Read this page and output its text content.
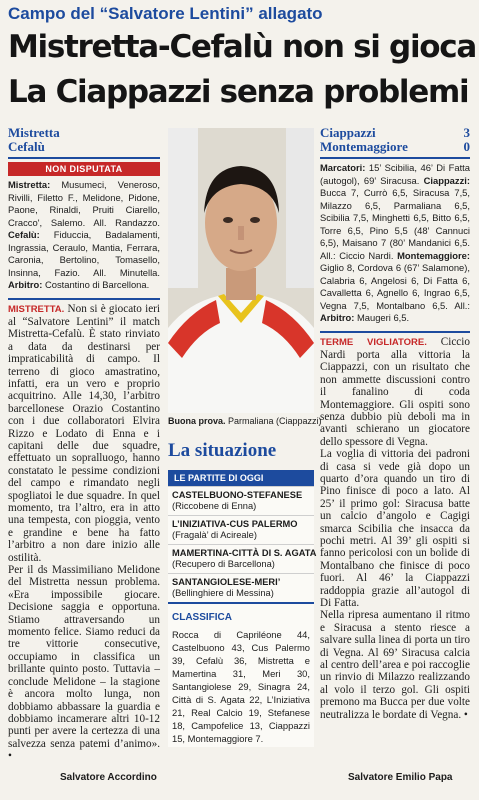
Campo del “Salvatore Lentini” allagato
Mistretta-Cefalù non si gioca
La Ciappazzi senza problemi
Mistretta
Cefalù
NON DISPUTATA
Mistretta: Musumeci, Veneroso, Rivilli, Filetto F., Melidone, Pidone, Paone, Rinaldi, Pruiti Ciarello, Cracco', Salemo. All. Randazzo. Cefalù: Fiduccia, Badalamenti, Ingrassia, Ceraulo, Mantia, Ferrara, Caronia, Bertolino, Tomasello, Insinna, Fazio. All. Minutella. Arbitro: Costantino di Barcellona.
MISTRETTA. Non si è giocato ieri al “Salvatore Lentini” il match Mistretta-Cefalù. È stato rinviato a data da destinarsi per impraticabilità di campo. Il terreno di gioco amastratino, infatti, era un vero e proprio acquitrino. Alle 14,30, l’arbitro barcellonese Orazio Costantino con i due collaboratori Elvira Rizzo e Lodato di Enna e i capitani delle due squadre, effettuato un sopralluogo, hanno constatato le pessime condizioni del campo e rimandato negli spogliatoi le due squadre. In quel momento, tra l’altro, era in atto una tempesta, con pioggia, vento e grandine e bene ha fatto l’arbitro a non dare inizio alle ostilità.
Per il ds Massimiliano Melidone del Mistretta nessun problema. «Era impossibile giocare. Decisione saggia e opportuna. Stiamo attraversando un momento felice. Siamo reduci da tre vittorie consecutive, occupiamo in classifica un brillante quinto posto. Tuttavia – conclude Melidone – la stagione è ancora molto lunga, non dobbiamo abbassare la guardia e dobbiamo incamerare altri 10-12 punti per avere la certezza di una salvezza senza patemi d’animo». •
Salvatore Accordino
Buona prova. Parmaliana (Ciappazzi)
La situazione
LE PARTITE DI OGGI
CASTELBUONO-STEFANESE
(Riccobene di Enna)
L’INIZIATIVA-CUS PALERMO
(Fragalà’ di Acireale)
MAMERTINA-CITTÀ DI S. AGATA
(Recupero di Barcellona)
SANTANGIOLESE-MERI’
(Bellinghiere di Messina)
CLASSIFICA
Rocca di Capriléone 44, Castelbuono 43, Cus Palermo 39, Cefalù 36, Mistretta e Mamertina 31, Meri 30, Santangiolese 29, Sinagra 24, Città di S. Agata 22, L’Iniziativa 21, Real Calcio 19, Stefanese 18, Campofelice 13, Ciappazzi 15, Montemaggiore 7.
Ciappazzi	3
Montemaggiore	0
Marcatori: 15’ Scibilia, 46’ Di Fatta (autogol), 69’ Siracusa. Ciappazzi: Bucca 7, Currò 6,5, Siracusa 7,5, Milazzo 6,5, Parmaliana 6,5, Scibilia 7,5, Minghetti 6,5, Bitto 6,5, Torre 6,5, Pino 5,5 (48’ Cannuci 6,5), Maisano 7 (80’ Mandanici 6,5. All.: Ciccio Nardi. Montemaggiore: Giglio 8, Cordova 6 (67’ Salamone), Calabria 6, Angelosi 6, Di Fatta 6, Cavalletta 6, Agnello 6, Ingrao 6,5, Vegna 7,5, Montalbano 6,5. All.: Arbitro: Maugeri 6,5.
TERME VIGLIATORE. Ciccio Nardi porta alla vittoria la Ciappazzi, con un risultato che non ammette discussioni contro il fanalino di coda Montemaggiore. Gli ospiti sono senza dubbio più deboli ma in avanti schierano un giocatore dello spessore di Vegna.
La voglia di vittoria dei padroni di casa si vede già dopo un quarto d’ora quando un tiro di Pino finisce di poco a lato. Al 25’ il primo gol: Siracusa batte un calcio d’angolo e Cagigi smarca Scibilia che insacca da pochi metri. Al 39’ gli ospiti si fanno pericolosi con un bolide di Montalbano che finisce di poco fuori. Al 46’ la Ciappazzi raddoppia grazie all’autogol di Di Fatta.
Nella ripresa aumentano il ritmo e Siracusa a stento riesce a salvare sulla linea di porta un tiro di Vegna. Al 69’ Siracusa calcia al centro dell’area e poi raccoglie un rinvio di Milazzo realizzando al volo il terzo gol. Gli ospiti premono ma Bucca per due volte neutralizza le bordate di Vegna. •
Salvatore Emilio Papa
